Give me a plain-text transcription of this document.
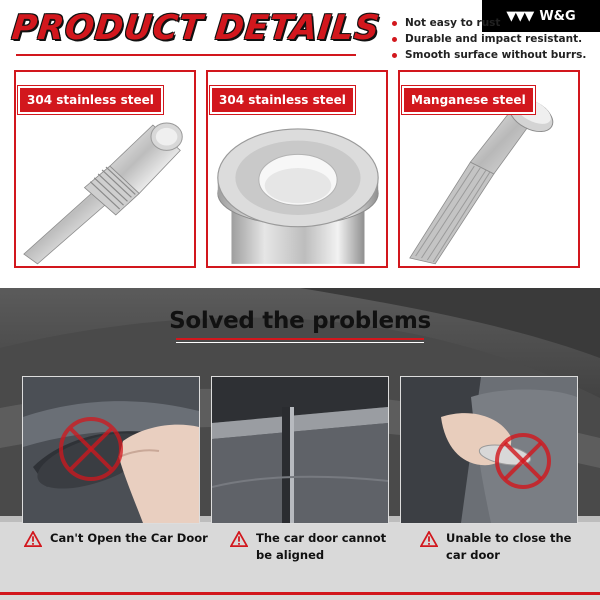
PRODUCT DETAILS	▼▼▼ W&G
Not easy to rust
Durable and impact resistant.
Smooth surface without burrs.
304 stainless steel	304 stainless steel	Manganese steel
Solved the problems
Can't Open the Car Door	The car door cannot
be aligned
Unable to close the
car door
